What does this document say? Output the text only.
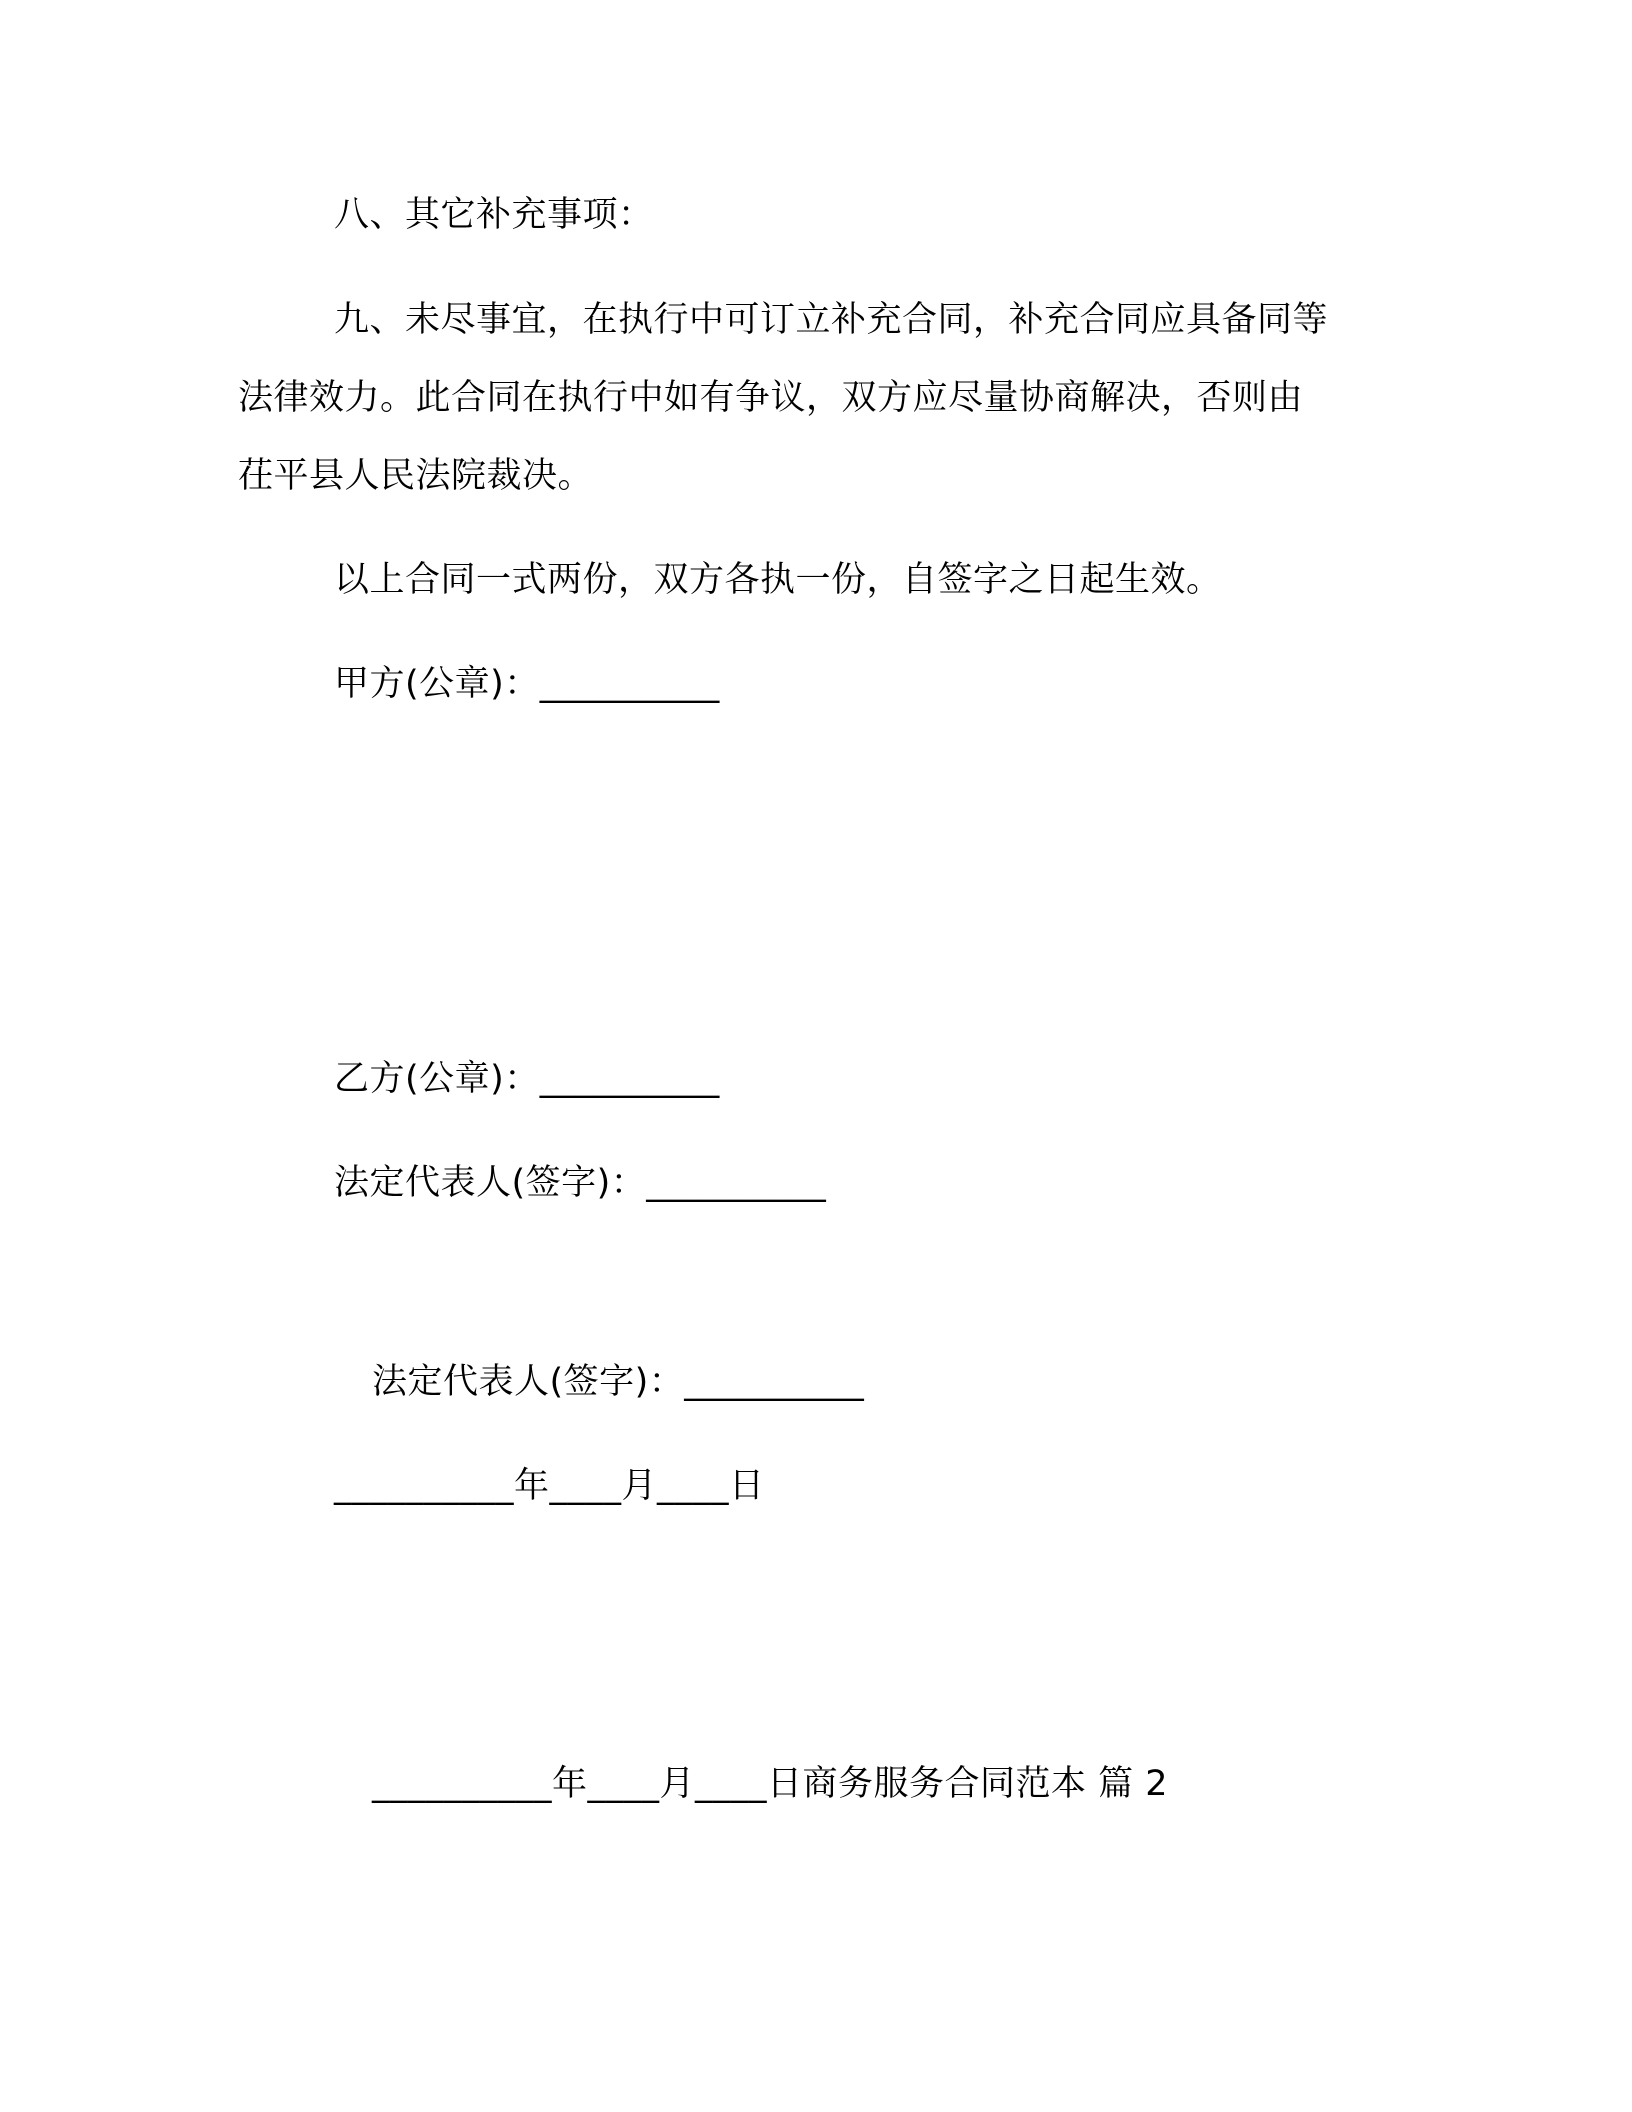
八、其它补充事项：
九、未尽事宜，在执行中可订立补充合同，补充合同应具备同等
法律效力。此合同在执行中如有争议，双方应尽量协商解决，否则由
茌平县人民法院裁决。
以上合同一式两份，双方各执一份，自签字之日起生效。
甲方(公章)：__________
乙方(公章)：__________
法定代表人(签字)：__________
法定代表人(签字)：__________
__________年____月____日
__________年____月____日商务服务合同范本 篇 2
